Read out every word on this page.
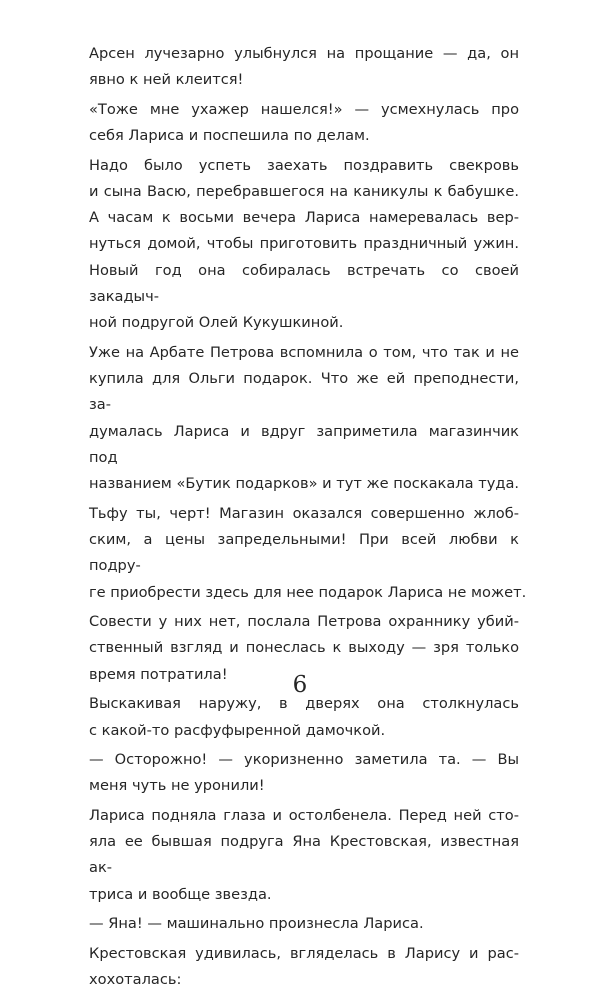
Арсен лучезарно улыбнулся на прощание — да, он
явно к ней клеится!

«Тоже мне ухажер нашелся!» — усмехнулась про
себя Лариса и поспешила по делам.

Надо было успеть заехать поздравить свекровь
и сына Васю, перебравшегося на каникулы к бабушке.
А часам к восьми вечера Лариса намеревалась вер-
нуться домой, чтобы приготовить праздничный ужин.
Новый год она собиралась встречать со своей закадыч-
ной подругой Олей Кукушкиной.

Уже на Арбате Петрова вспомнила о том, что так и не
купила для Ольги подарок. Что же ей преподнести, за-
думалась Лариса и вдруг заприметила магазинчик под
названием «Бутик подарков» и тут же поскакала туда.

Тьфу ты, черт! Магазин оказался совершенно жлоб-
ским, а цены запредельными! При всей любви к подру-
ге приобрести здесь для нее подарок Лариса не может.

Совести у них нет, послала Петрова охраннику убий-
ственный взгляд и понеслась к выходу — зря только
время потратила!

Выскакивая наружу, в дверях она столкнулась
с какой-то расфуфыренной дамочкой.

— Осторожно! — укоризненно заметила та. — Вы
меня чуть не уронили!

Лариса подняла глаза и остолбенела. Перед ней сто-
яла ее бывшая подруга Яна Крестовская, известная ак-
триса и вообще звезда.

— Яна! — машинально произнесла Лариса.

Крестовская удивилась, вгляделась в Ларису и рас-
хохоталась:

6
